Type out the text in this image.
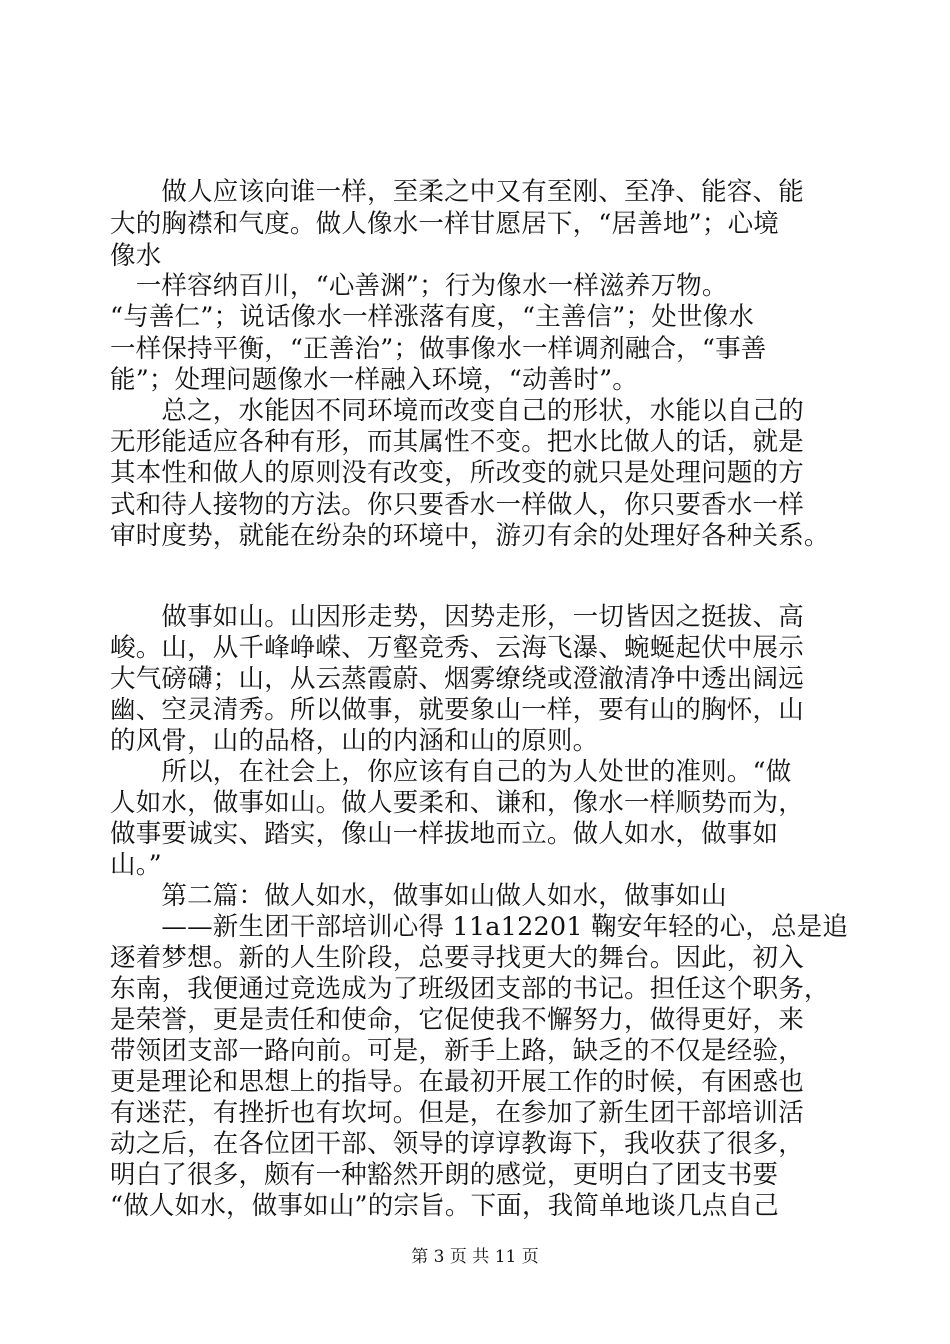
　　做人应该向谁一样，至柔之中又有至刚、至净、能容、能
大的胸襟和气度。做人像水一样甘愿居下，“居善地”；心境
像水
　一样容纳百川，“心善渊”；行为像水一样滋养万物。
“与善仁”；说话像水一样涨落有度，“主善信”；处世像水
一样保持平衡，“正善治”；做事像水一样调剂融合，“事善
能”；处理问题像水一样融入环境，“动善时”。
　　总之，水能因不同环境而改变自己的形状，水能以自己的
无形能适应各种有形，而其属性不变。把水比做人的话，就是
其本性和做人的原则没有改变，所改变的就只是处理问题的方
式和待人接物的方法。你只要香水一样做人，你只要香水一样
审时度势，就能在纷杂的环境中，游刃有余的处理好各种关系。
　　做事如山。山因形走势，因势走形，一切皆因之挺拔、高
峻。山，从千峰峥嵘、万壑竞秀、云海飞瀑、蜿蜒起伏中展示
大气磅礴；山，从云蒸霞蔚、烟雾缭绕或澄澈清净中透出阔远
幽、空灵清秀。所以做事，就要象山一样，要有山的胸怀，山
的风骨，山的品格，山的内涵和山的原则。
　　所以，在社会上，你应该有自己的为人处世的准则。“做
人如水，做事如山。做人要柔和、谦和，像水一样顺势而为，
做事要诚实、踏实，像山一样拔地而立。做人如水，做事如
山。”
　　第二篇：做人如水，做事如山做人如水，做事如山
　　——新生团干部培训心得 11a12201 鞠安年轻的心，总是追
逐着梦想。新的人生阶段，总要寻找更大的舞台。因此，初入
东南，我便通过竞选成为了班级团支部的书记。担任这个职务，
是荣誉，更是责任和使命，它促使我不懈努力，做得更好，来
带领团支部一路向前。可是，新手上路，缺乏的不仅是经验，
更是理论和思想上的指导。在最初开展工作的时候，有困惑也
有迷茫，有挫折也有坎坷。但是，在参加了新生团干部培训活
动之后，在各位团干部、领导的谆谆教诲下，我收获了很多，
明白了很多，颇有一种豁然开朗的感觉，更明白了团支书要
“做人如水，做事如山”的宗旨。下面，我简单地谈几点自己
第 3 页 共 11 页
